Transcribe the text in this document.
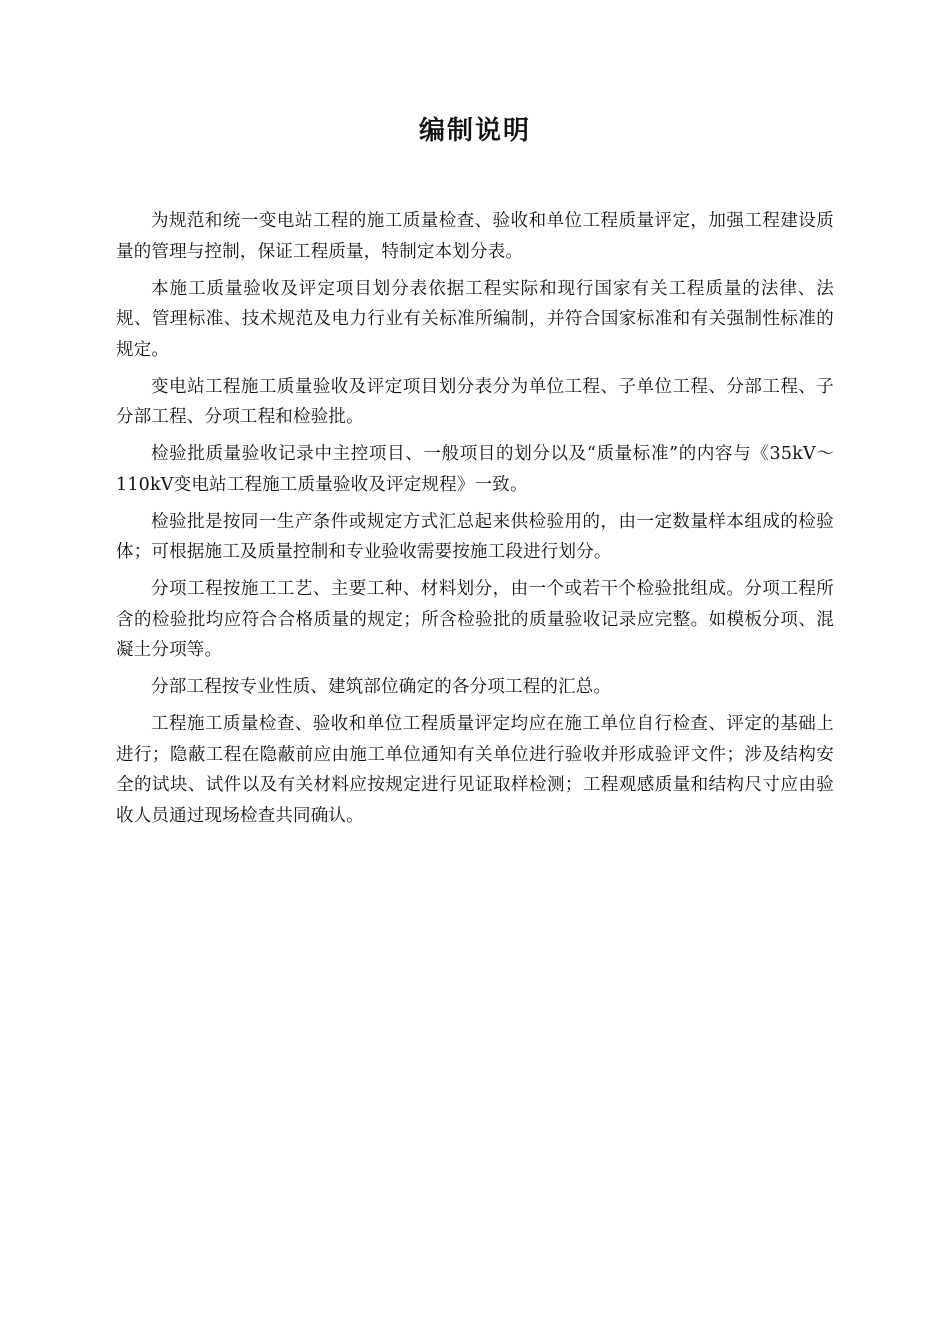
编制说明

为规范和统一变电站工程的施工质量检查、验收和单位工程质量评定，加强工程建设质量的管理与控制，保证工程质量，特制定本划分表。

本施工质量验收及评定项目划分表依据工程实际和现行国家有关工程质量的法律、法规、管理标准、技术规范及电力行业有关标准所编制，并符合国家标准和有关强制性标准的规定。

变电站工程施工质量验收及评定项目划分表分为单位工程、子单位工程、分部工程、子分部工程、分项工程和检验批。

检验批质量验收记录中主控项目、一般项目的划分以及“质量标准”的内容与《35kV～110kV变电站工程施工质量验收及评定规程》一致。

检验批是按同一生产条件或规定方式汇总起来供检验用的，由一定数量样本组成的检验体；可根据施工及质量控制和专业验收需要按施工段进行划分。

分项工程按施工工艺、主要工种、材料划分，由一个或若干个检验批组成。分项工程所含的检验批均应符合合格质量的规定；所含检验批的质量验收记录应完整。如模板分项、混凝土分项等。

分部工程按专业性质、建筑部位确定的各分项工程的汇总。

工程施工质量检查、验收和单位工程质量评定均应在施工单位自行检查、评定的基础上进行；隐蔽工程在隐蔽前应由施工单位通知有关单位进行验收并形成验评文件；涉及结构安全的试块、试件以及有关材料应按规定进行见证取样检测；工程观感质量和结构尺寸应由验收人员通过现场检查共同确认。
